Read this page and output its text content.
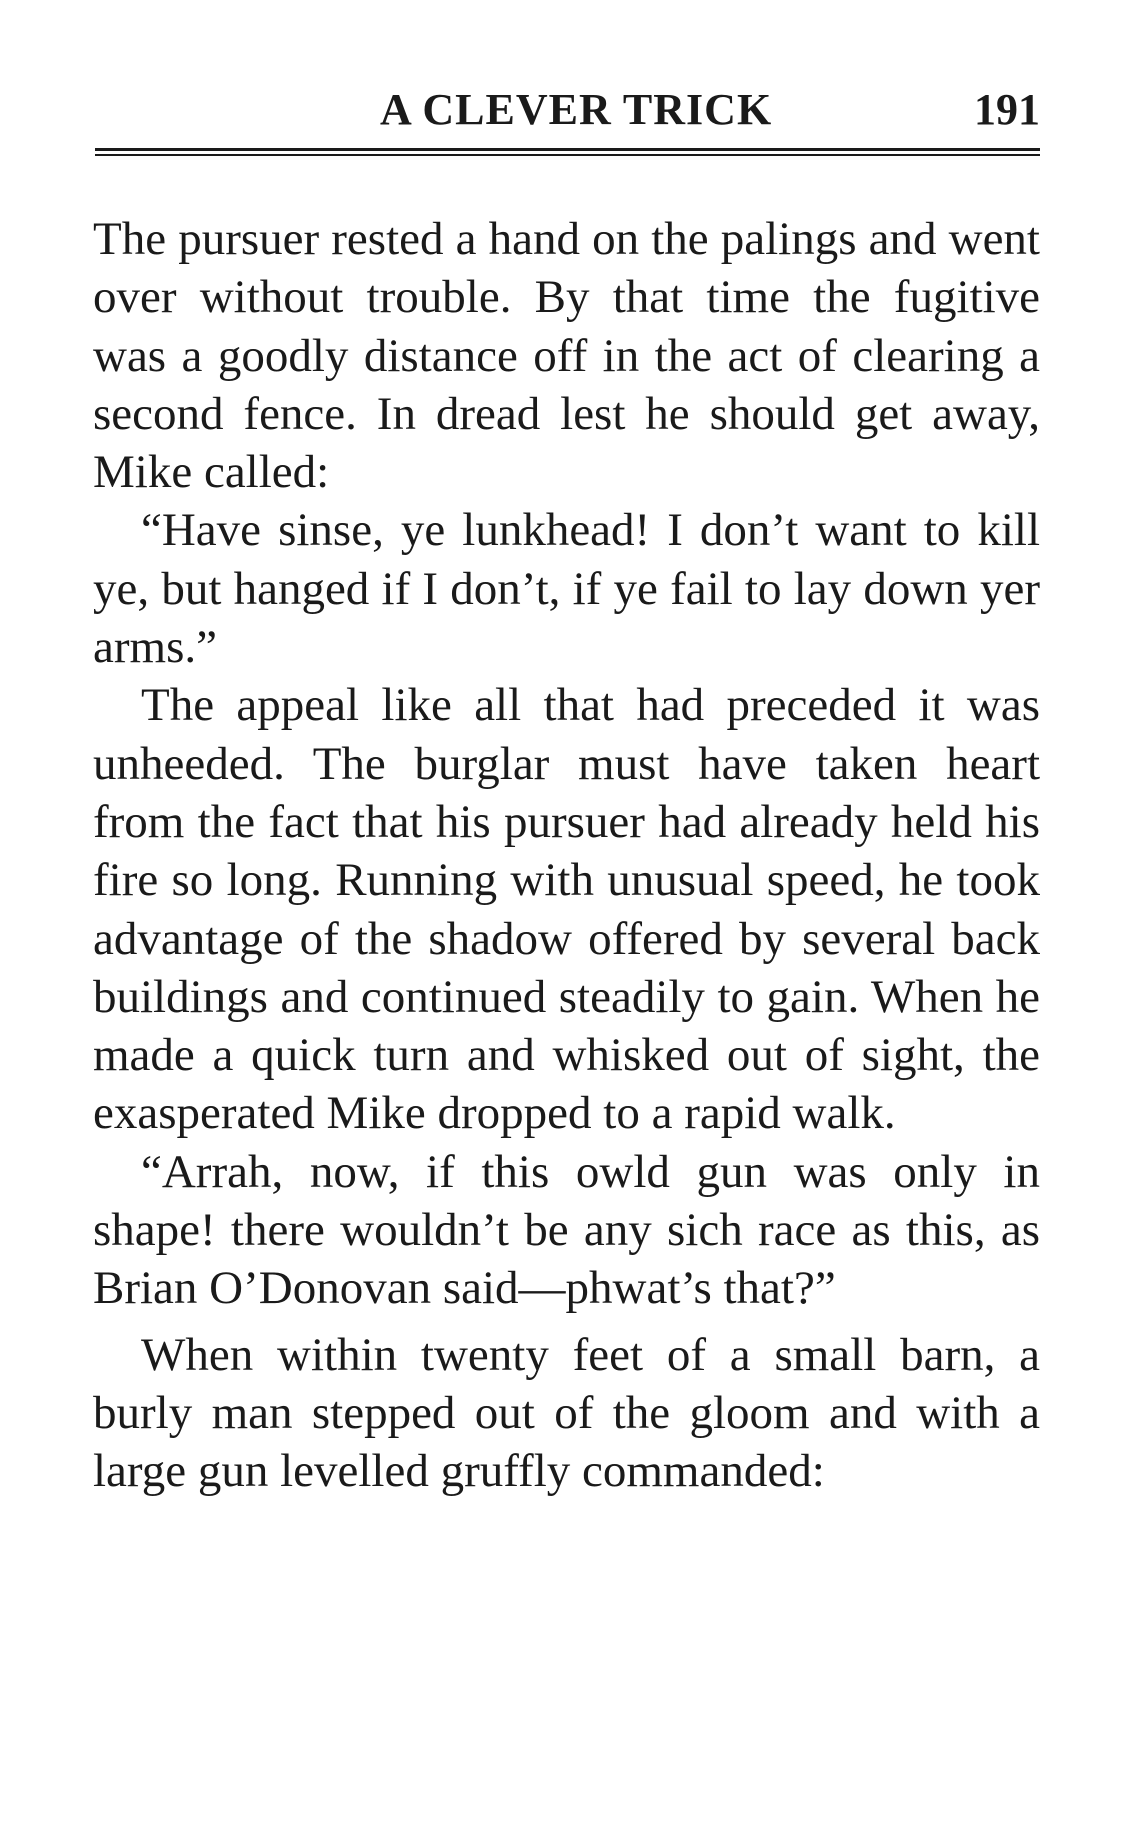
A CLEVER TRICK	191

The pursuer rested a hand on the palings and went over without trouble. By that time the fugitive was a goodly distance off in the act of clearing a second fence. In dread lest he should get away, Mike called:

“Have sinse, ye lunkhead! I don’t want to kill ye, but hanged if I don’t, if ye fail to lay down yer arms.”

The appeal like all that had preceded it was unheeded. The burglar must have taken heart from the fact that his pursuer had already held his fire so long. Running with unusual speed, he took advantage of the shadow offered by several back buildings and continued steadily to gain. When he made a quick turn and whisked out of sight, the exasperated Mike dropped to a rapid walk.

“Arrah, now, if this owld gun was only in shape! there wouldn’t be any sich race as this, as Brian O’Donovan said—phwat’s that?”

When within twenty feet of a small barn, a burly man stepped out of the gloom and with a large gun levelled gruffly commanded:
